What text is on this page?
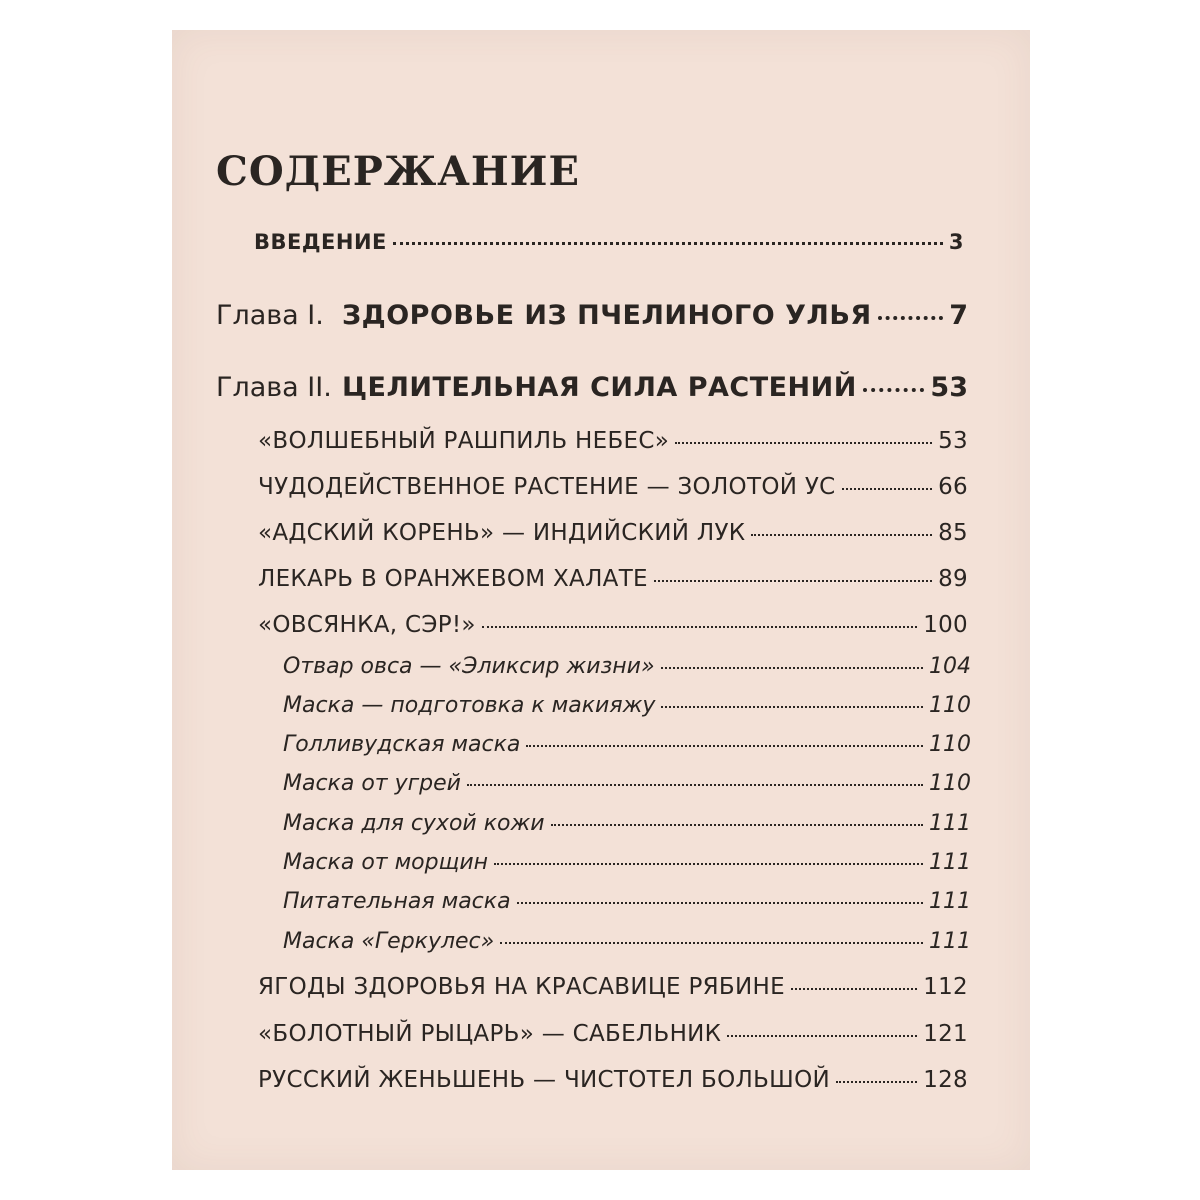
СОДЕРЖАНИЕ
ВВЕДЕНИЕ	3
Глава I. ЗДОРОВЬЕ ИЗ ПЧЕЛИНОГО УЛЬЯ	7
Глава II. ЦЕЛИТЕЛЬНАЯ СИЛА РАСТЕНИЙ	53
«ВОЛШЕБНЫЙ РАШПИЛЬ НЕБЕС»	53
ЧУДОДЕЙСТВЕННОЕ РАСТЕНИЕ — ЗОЛОТОЙ УС	66
«АДСКИЙ КОРЕНЬ» — ИНДИЙСКИЙ ЛУК	85
ЛЕКАРЬ В ОРАНЖЕВОМ ХАЛАТЕ	89
«ОВСЯНКА, СЭР!»	100
Отвар овса — «Эликсир жизни»	104
Маска — подготовка к макияжу	110
Голливудская маска	110
Маска от угрей	110
Маска для сухой кожи	111
Маска от морщин	111
Питательная маска	111
Маска «Геркулес»	111
ЯГОДЫ ЗДОРОВЬЯ НА КРАСАВИЦЕ РЯБИНЕ	112
«БОЛОТНЫЙ РЫЦАРЬ» — САБЕЛЬНИК	121
РУССКИЙ ЖЕНЬШЕНЬ — ЧИСТОТЕЛ БОЛЬШОЙ	128
